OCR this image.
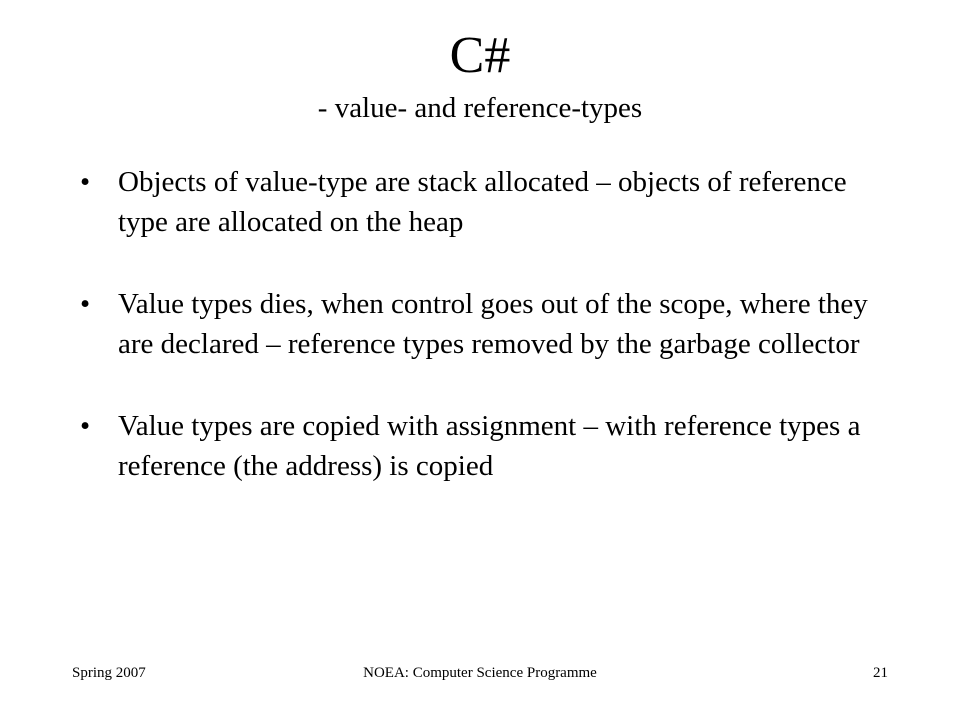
C#
- value- and reference-types
• Objects of value-type are stack allocated – objects of reference type are allocated on the heap
• Value types dies, when control goes out of the scope, where they are declared – reference types removed by the garbage collector
• Value types are copied with assignment – with reference types a reference (the address) is copied
Spring 2007	NOEA: Computer Science Programme	21
